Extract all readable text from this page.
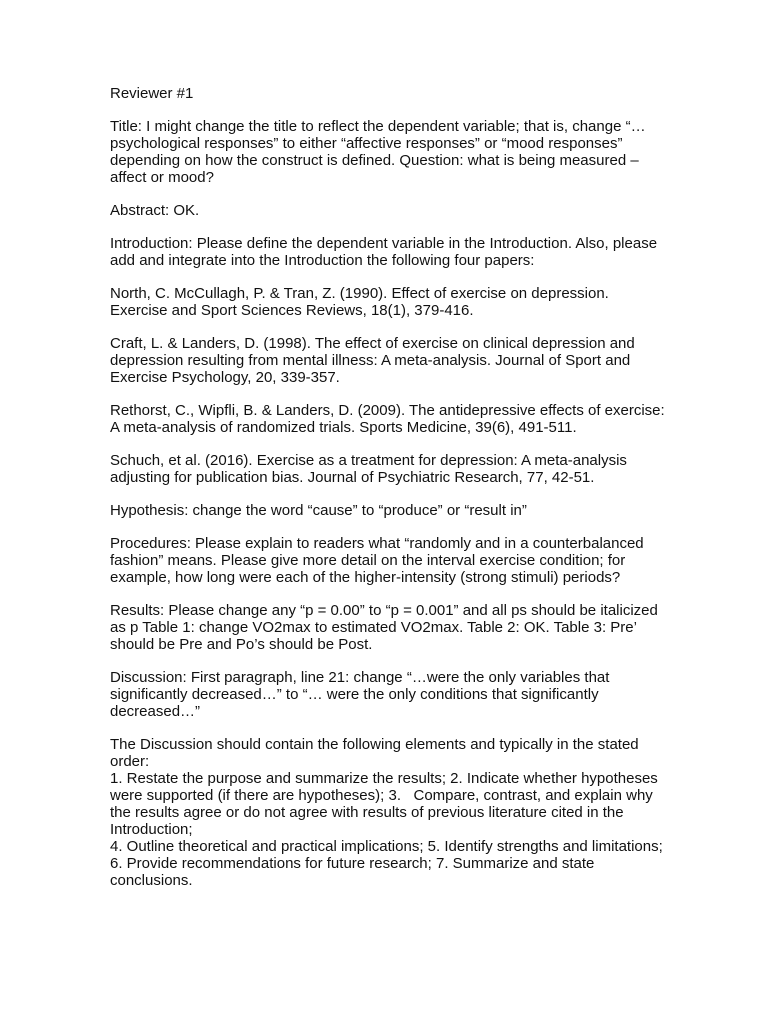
Reviewer #1

Title: I might change the title to reflect the dependent variable; that is, change “…psychological responses” to either “affective responses” or “mood responses” depending on how the construct is defined. Question: what is being measured – affect or mood?

Abstract: OK.

Introduction: Please define the dependent variable in the Introduction. Also, please add and integrate into the Introduction the following four papers:

North, C. McCullagh, P. & Tran, Z. (1990). Effect of exercise on depression. Exercise and Sport Sciences Reviews, 18(1), 379-416.

Craft, L. & Landers, D. (1998). The effect of exercise on clinical depression and depression resulting from mental illness: A meta-analysis. Journal of Sport and Exercise Psychology, 20, 339-357.

Rethorst, C., Wipfli, B. & Landers, D. (2009). The antidepressive effects of exercise: A meta-analysis of randomized trials. Sports Medicine, 39(6), 491-511.

Schuch, et al. (2016). Exercise as a treatment for depression: A meta-analysis adjusting for publication bias. Journal of Psychiatric Research, 77, 42-51.

Hypothesis: change the word “cause” to “produce” or “result in”

Procedures: Please explain to readers what “randomly and in a counterbalanced fashion” means. Please give more detail on the interval exercise condition; for example, how long were each of the higher-intensity (strong stimuli) periods?

Results: Please change any “p = 0.00” to “p = 0.001” and all ps should be italicized as p Table 1: change VO2max to estimated VO2max. Table 2: OK. Table 3: Pre’ should be Pre and Po’s should be Post.

Discussion: First paragraph, line 21: change “…were the only variables that significantly decreased…” to “… were the only conditions that significantly decreased…”

The Discussion should contain the following elements and typically in the stated order:

1. Restate the purpose and summarize the results; 2. Indicate whether hypotheses were supported (if there are hypotheses); 3.   Compare, contrast, and explain why the results agree or do not agree with results of previous literature cited in the Introduction;

4. Outline theoretical and practical implications; 5. Identify strengths and limitations; 6. Provide recommendations for future research; 7. Summarize and state conclusions.
